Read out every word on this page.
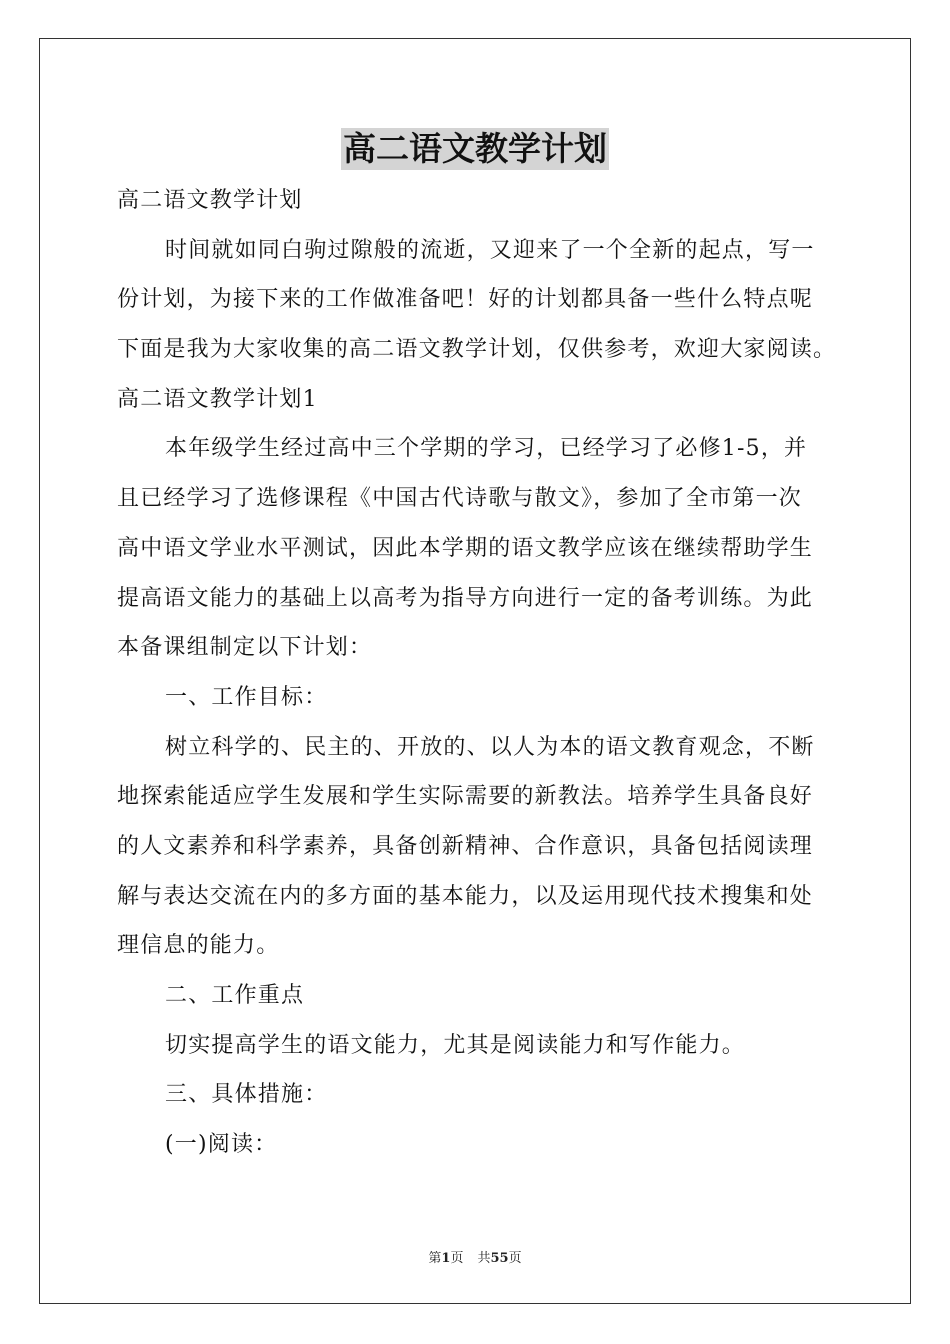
高二语文教学计划
高二语文教学计划
时间就如同白驹过隙般的流逝，又迎来了一个全新的起点，写一
份计划，为接下来的工作做准备吧！好的计划都具备一些什么特点呢
下面是我为大家收集的高二语文教学计划，仅供参考，欢迎大家阅读。
高二语文教学计划1
本年级学生经过高中三个学期的学习，已经学习了必修1-5，并
且已经学习了选修课程《中国古代诗歌与散文》，参加了全市第一次
高中语文学业水平测试，因此本学期的语文教学应该在继续帮助学生
提高语文能力的基础上以高考为指导方向进行一定的备考训练。为此
本备课组制定以下计划：
一、工作目标：
树立科学的、民主的、开放的、以人为本的语文教育观念，不断
地探索能适应学生发展和学生实际需要的新教法。培养学生具备良好
的人文素养和科学素养，具备创新精神、合作意识，具备包括阅读理
解与表达交流在内的多方面的基本能力，以及运用现代技术搜集和处
理信息的能力。
二、工作重点
切实提高学生的语文能力，尤其是阅读能力和写作能力。
三、具体措施：
(一)阅读：
第1页 共55页
